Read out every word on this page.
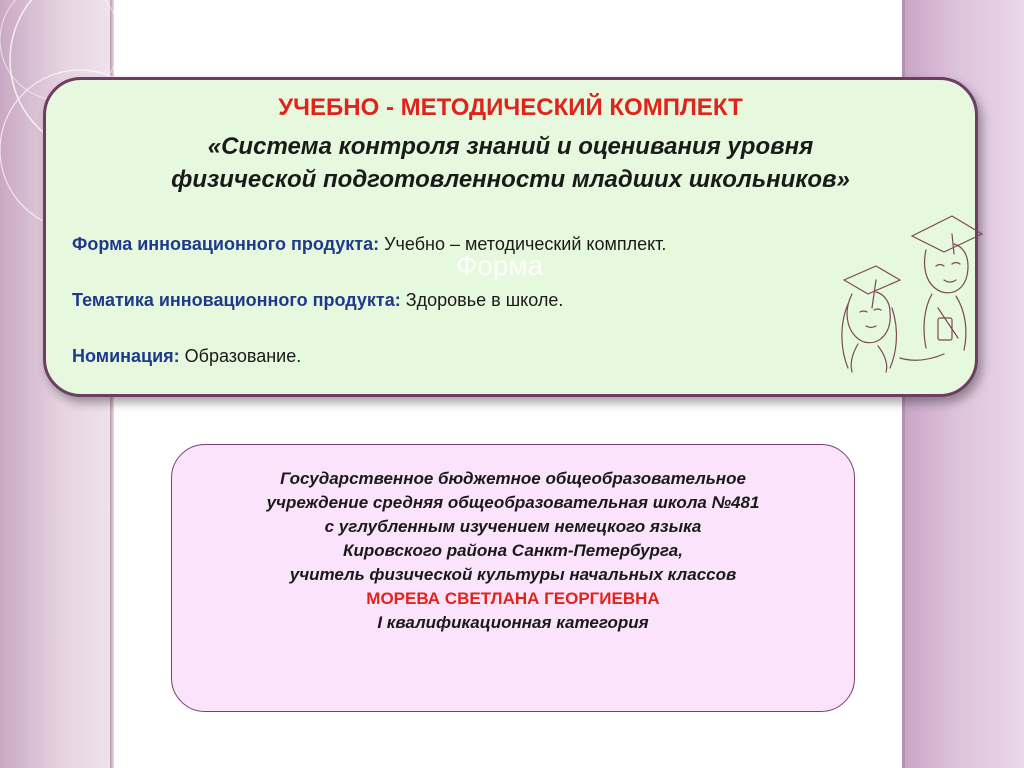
УЧЕБНО - МЕТОДИЧЕСКИЙ КОМПЛЕКТ
«Система контроля знаний и оценивания уровня
физической подготовленности младших школьников»
Форма
Форма инновационного продукта: Учебно – методический комплект.
Тематика инновационного продукта: Здоровье в школе.
Номинация: Образование.
Государственное бюджетное общеобразовательное
учреждение средняя общеобразовательная школа №481
с углубленным изучением немецкого языка
Кировского района Санкт-Петербурга,
учитель физической культуры начальных классов
МОРЕВА СВЕТЛАНА ГЕОРГИЕВНА
I квалификационная категория
